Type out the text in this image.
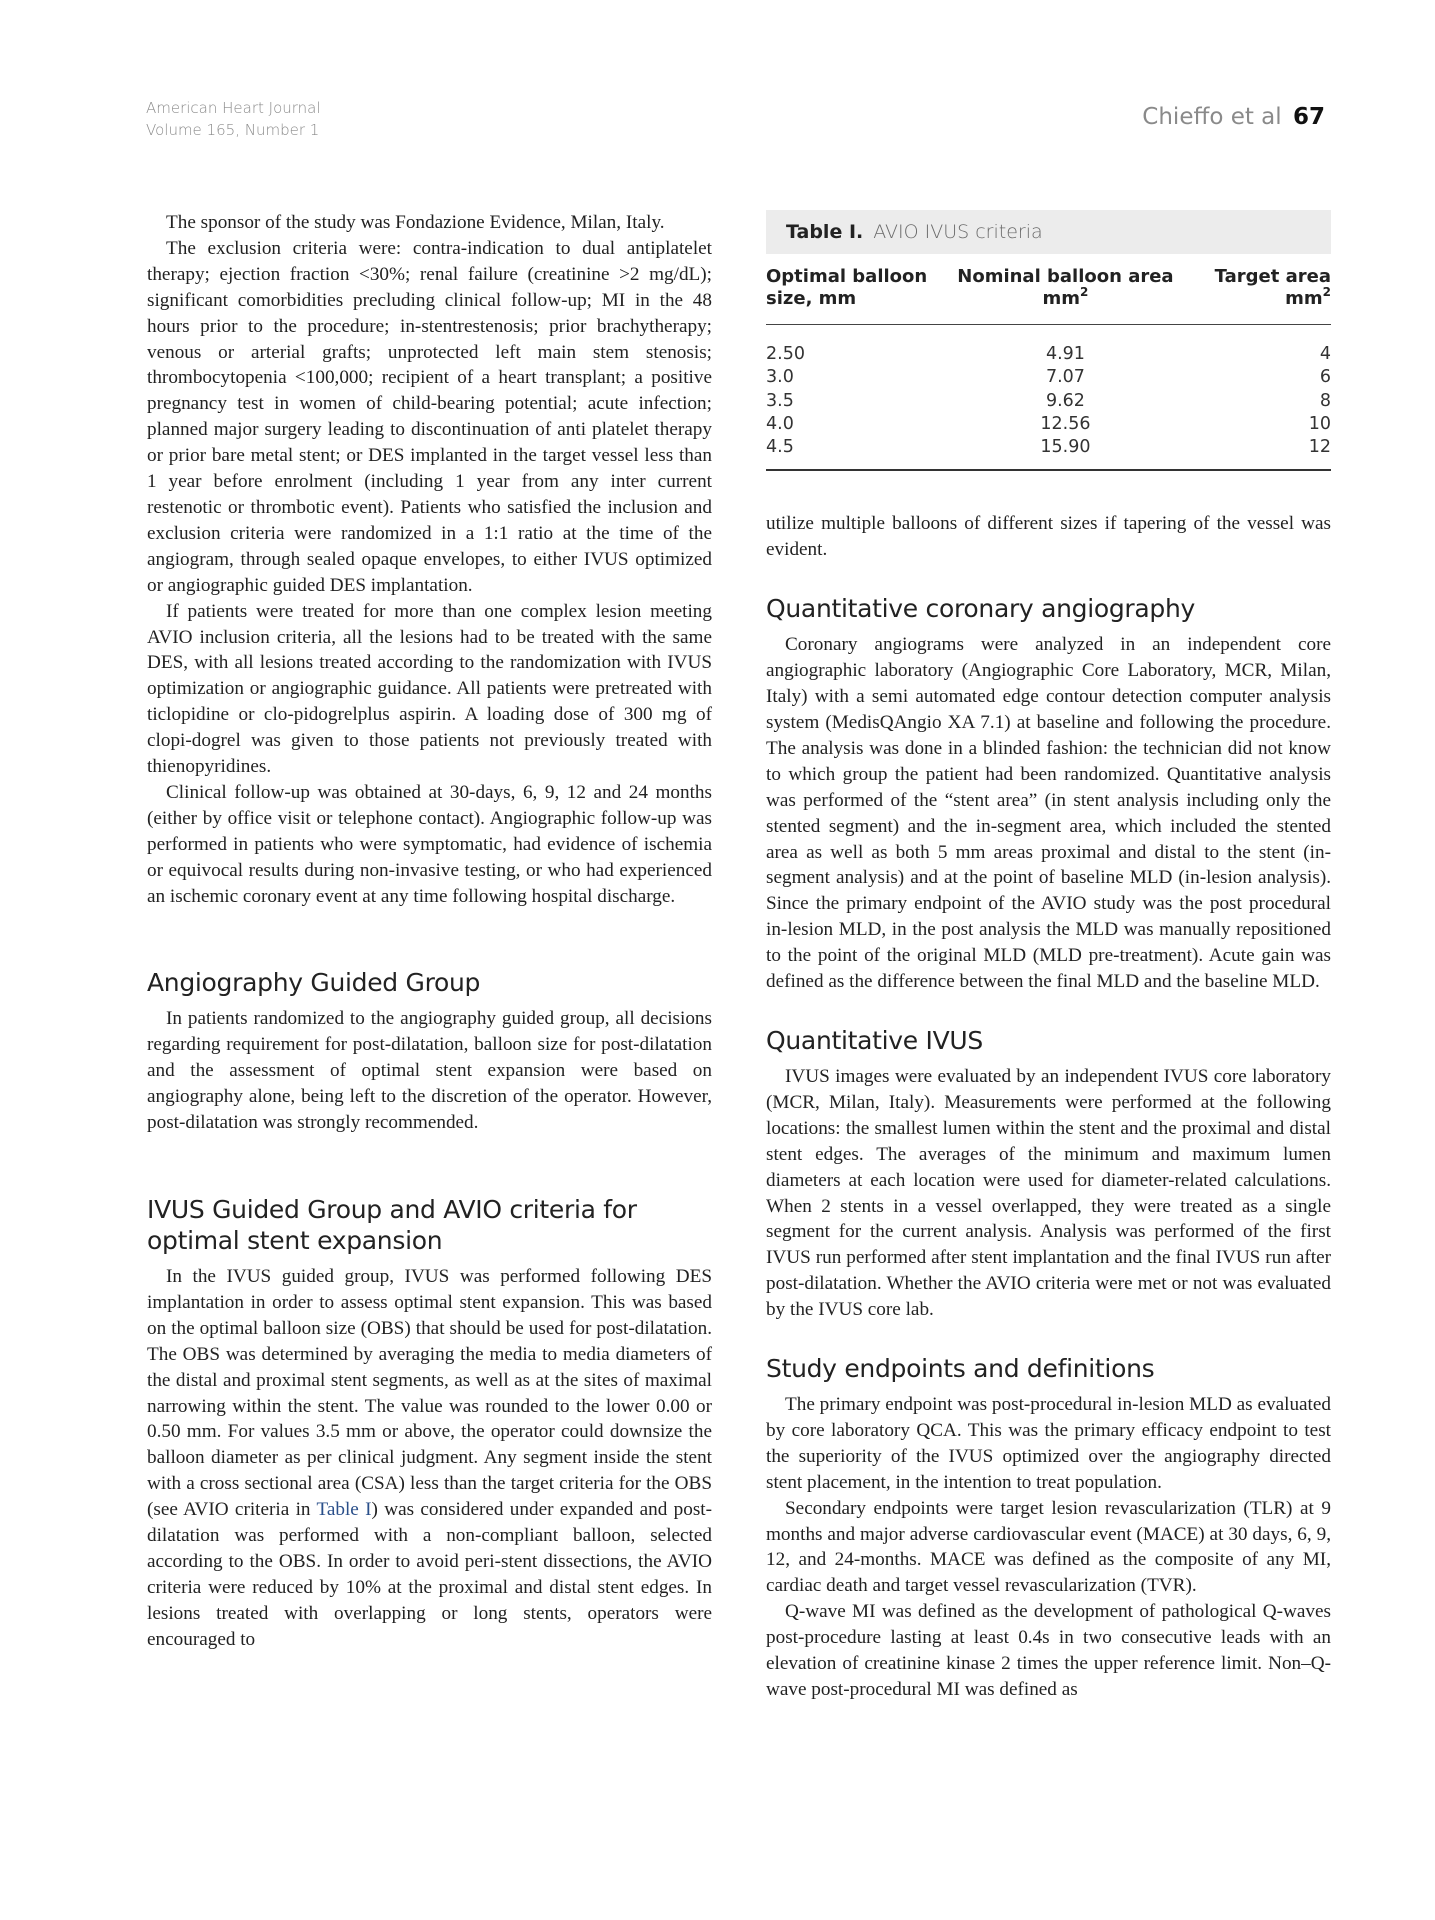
American Heart Journal
Volume 165, Number 1	Chieffo et al 67

The sponsor of the study was Fondazione Evidence, Milan, Italy.

The exclusion criteria were: contra-indication to dual antiplatelet therapy; ejection fraction <30%; renal failure (creatinine >2 mg/dL); significant comorbidities precluding clinical follow-up; MI in the 48 hours prior to the procedure; in-stentrestenosis; prior brachytherapy; venous or arterial grafts; unprotected left main stem stenosis; thrombocytopenia <100,000; recipient of a heart transplant; a positive pregnancy test in women of child-bearing potential; acute infection; planned major surgery leading to discontinuation of anti platelet therapy or prior bare metal stent; or DES implanted in the target vessel less than 1 year before enrolment (including 1 year from any inter current restenotic or thrombotic event). Patients who satisfied the inclusion and exclusion criteria were randomized in a 1:1 ratio at the time of the angiogram, through sealed opaque envelopes, to either IVUS optimized or angiographic guided DES implantation.

If patients were treated for more than one complex lesion meeting AVIO inclusion criteria, all the lesions had to be treated with the same DES, with all lesions treated according to the randomization with IVUS optimization or angiographic guidance. All patients were pretreated with ticlopidine or clo-pidogrelplus aspirin. A loading dose of 300 mg of clopi-dogrel was given to those patients not previously treated with thienopyridines.

Clinical follow-up was obtained at 30-days, 6, 9, 12 and 24 months (either by office visit or telephone contact). Angiographic follow-up was performed in patients who were symptomatic, had evidence of ischemia or equivocal results during non-invasive testing, or who had experienced an ischemic coronary event at any time following hospital discharge.

Angiography Guided Group

In patients randomized to the angiography guided group, all decisions regarding requirement for post-dilatation, balloon size for post-dilatation and the assessment of optimal stent expansion were based on angiography alone, being left to the discretion of the operator. However, post-dilatation was strongly recommended.

IVUS Guided Group and AVIO criteria for optimal stent expansion

In the IVUS guided group, IVUS was performed following DES implantation in order to assess optimal stent expansion. This was based on the optimal balloon size (OBS) that should be used for post-dilatation. The OBS was determined by averaging the media to media diameters of the distal and proximal stent segments, as well as at the sites of maximal narrowing within the stent. The value was rounded to the lower 0.00 or 0.50 mm. For values 3.5 mm or above, the operator could downsize the balloon diameter as per clinical judgment. Any segment inside the stent with a cross sectional area (CSA) less than the target criteria for the OBS (see AVIO criteria in Table I) was considered under expanded and post-dilatation was performed with a non-compliant balloon, selected according to the OBS. In order to avoid peri-stent dissections, the AVIO criteria were reduced by 10% at the proximal and distal stent edges. In lesions treated with overlapping or long stents, operators were encouraged to

Table I. AVIO IVUS criteria
Optimal balloon size, mm	Nominal balloon area $mm^2$	Target area $mm^2$
2.50	4.91	4
3.0	7.07	6
3.5	9.62	8
4.0	12.56	10
4.5	15.90	12

utilize multiple balloons of different sizes if tapering of the vessel was evident.

Quantitative coronary angiography

Coronary angiograms were analyzed in an independent core angiographic laboratory (Angiographic Core Laboratory, MCR, Milan, Italy) with a semi automated edge contour detection computer analysis system (MedisQAngio XA 7.1) at baseline and following the procedure. The analysis was done in a blinded fashion: the technician did not know to which group the patient had been randomized. Quantitative analysis was performed of the “stent area” (in stent analysis including only the stented segment) and the in-segment area, which included the stented area as well as both 5 mm areas proximal and distal to the stent (in-segment analysis) and at the point of baseline MLD (in-lesion analysis). Since the primary endpoint of the AVIO study was the post procedural in-lesion MLD, in the post analysis the MLD was manually repositioned to the point of the original MLD (MLD pre-treatment). Acute gain was defined as the difference between the final MLD and the baseline MLD.

Quantitative IVUS

IVUS images were evaluated by an independent IVUS core laboratory (MCR, Milan, Italy). Measurements were performed at the following locations: the smallest lumen within the stent and the proximal and distal stent edges. The averages of the minimum and maximum lumen diameters at each location were used for diameter-related calculations. When 2 stents in a vessel overlapped, they were treated as a single segment for the current analysis. Analysis was performed of the first IVUS run performed after stent implantation and the final IVUS run after post-dilatation. Whether the AVIO criteria were met or not was evaluated by the IVUS core lab.

Study endpoints and definitions

The primary endpoint was post-procedural in-lesion MLD as evaluated by core laboratory QCA. This was the primary efficacy endpoint to test the superiority of the IVUS optimized over the angiography directed stent placement, in the intention to treat population.

Secondary endpoints were target lesion revascularization (TLR) at 9 months and major adverse cardiovascular event (MACE) at 30 days, 6, 9, 12, and 24-months. MACE was defined as the composite of any MI, cardiac death and target vessel revascularization (TVR).

Q-wave MI was defined as the development of pathological Q-waves post-procedure lasting at least 0.4s in two consecutive leads with an elevation of creatinine kinase 2 times the upper reference limit. Non–Q-wave post-procedural MI was defined as
